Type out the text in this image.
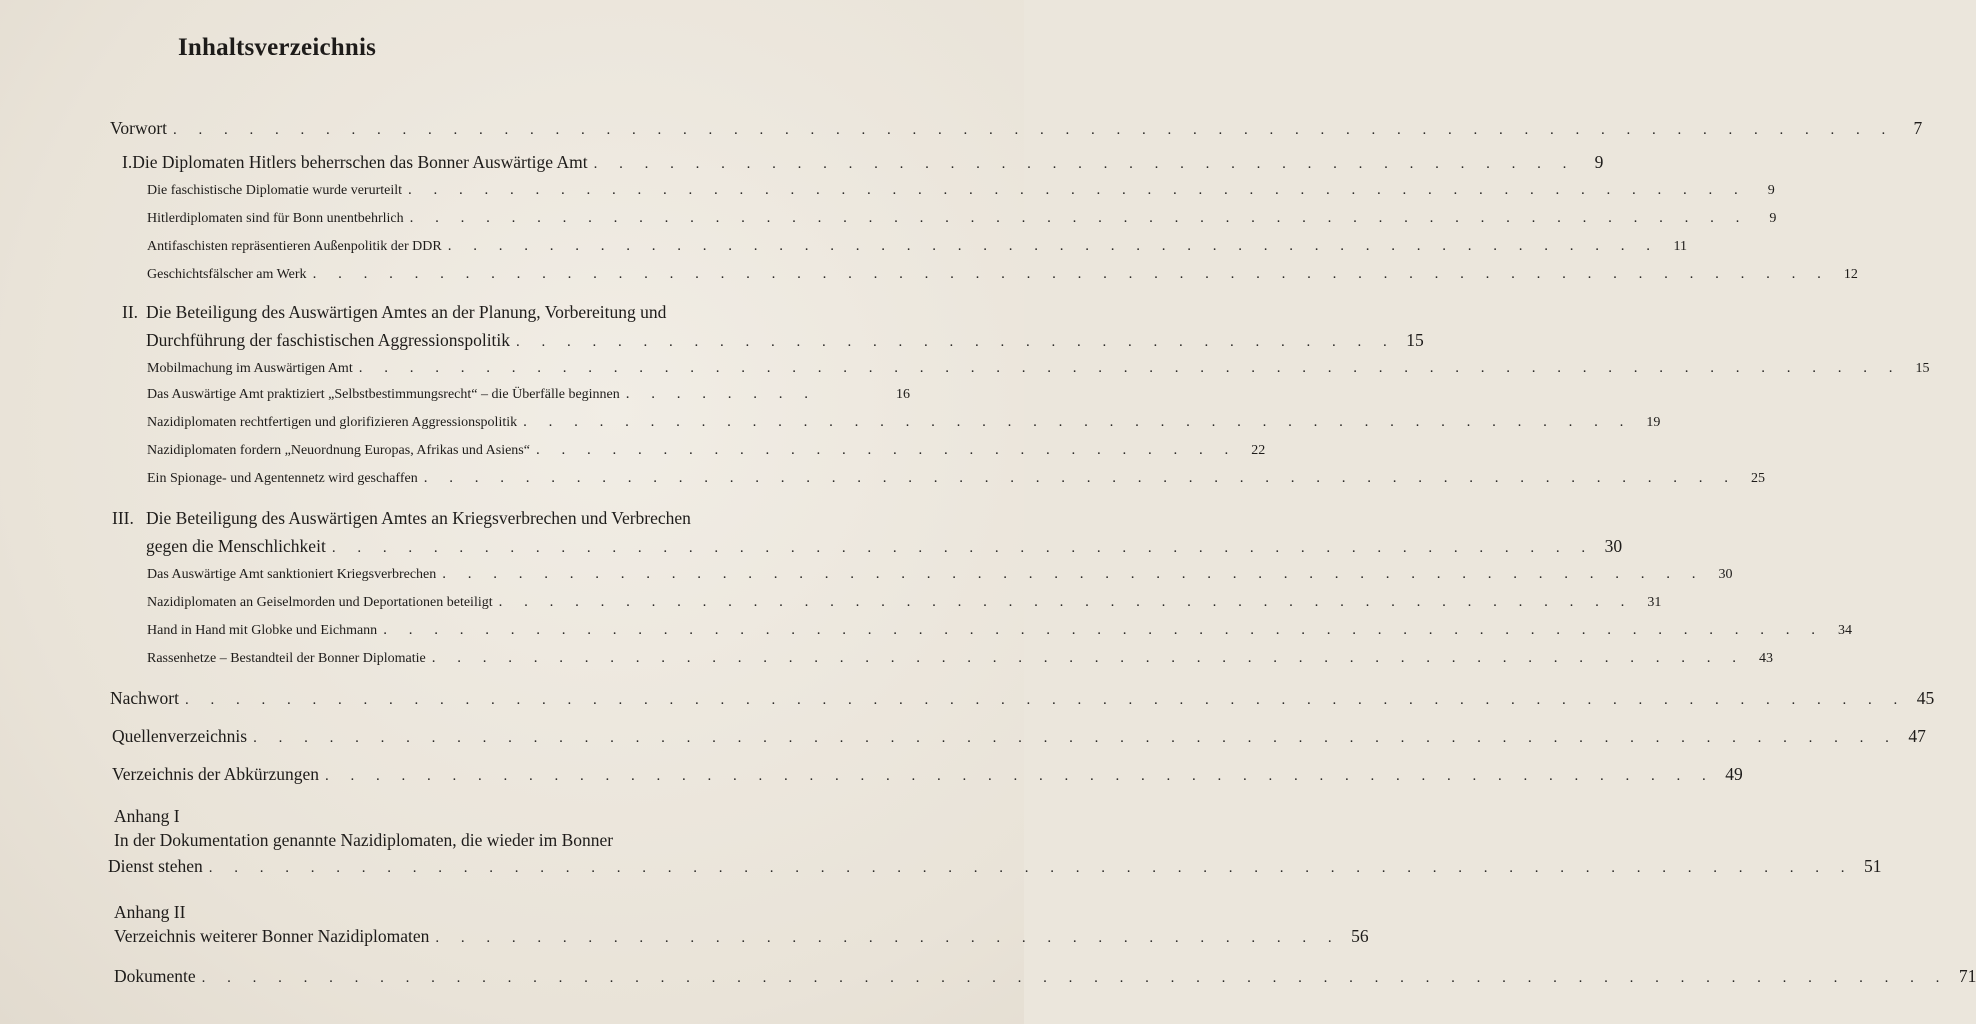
Inhaltsverzeichnis
Vorwort . . . . . . . . . . . . . . . . . . . . . . . . . . . . . . . . . . . . . . . . . . . . . . . . . . . . . . . . . . . . . . . . . . . .	7
I. Die Diplomaten Hitlers beherrschen das Bonner Auswärtige Amt . . . . . . . . . . . . . . . . . . . . . . . . . . . . . . . . . . . . . . .	9
Die faschistische Diplomatie wurde verurteilt . . . . . . . . . . . . . . . . . . . . . . . . . . . . . . . . . . . . . . . . . . . . . . . . . . . . .	9
Hitlerdiplomaten sind für Bonn unentbehrlich . . . . . . . . . . . . . . . . . . . . . . . . . . . . . . . . . . . . . . . . . . . . . . . . . . . . .	9
Antifaschisten repräsentieren Außenpolitik der DDR . . . . . . . . . . . . . . . . . . . . . . . . . . . . . . . . . . . . . . . . . . . . . . . .	11
Geschichtsfälscher am Werk . . . . . . . . . . . . . . . . . . . . . . . . . . . . . . . . . . . . . . . . . . . . . . . . . . . . . . . . . . . .	12
II. Die Beteiligung des Auswärtigen Amtes an der Planung, Vorbereitung und
Durchführung der faschistischen Aggressionspolitik . . . . . . . . . . . . . . . . . . . . . . . . . . . . . . . . . . . 15
Mobilmachung im Auswärtigen Amt . . . . . . . . . . . . . . . . . . . . . . . . . . . . . . . . . . . . . . . . . . . . . . . . . . . . . . . . . . . . .	15
Das Auswärtige Amt praktiziert „Selbstbestimmungsrecht“ – die Überfälle beginnen . . . . . . . .	16
Nazidiplomaten rechtfertigen und glorifizieren Aggressionspolitik . . . . . . . . . . . . . . . . . . . . . . . . . . . . . . . . . . . . . . . . . . . .	19
Nazidiplomaten fordern „Neuordnung Europas, Afrikas und Asiens“ . . . . . . . . . . . . . . . . . . . . . . . . . . . .	22
Ein Spionage- und Agentennetz wird geschaffen . . . . . . . . . . . . . . . . . . . . . . . . . . . . . . . . . . . . . . . . . . . . . . . . . . . .	25
III. Die Beteiligung des Auswärtigen Amtes an Kriegsverbrechen und Verbrechen
gegen die Menschlichkeit . . . . . . . . . . . . . . . . . . . . . . . . . . . . . . . . . . . . . . . . . . . . . . . . . . 30
Das Auswärtige Amt sanktioniert Kriegsverbrechen . . . . . . . . . . . . . . . . . . . . . . . . . . . . . . . . . . . . . . . . . . . . . . . . . .	30
Nazidiplomaten an Geiselmorden und Deportationen beteiligt . . . . . . . . . . . . . . . . . . . . . . . . . . . . . . . . . . . . . . . . . . . . .	31
Hand in Hand mit Globke und Eichmann . . . . . . . . . . . . . . . . . . . . . . . . . . . . . . . . . . . . . . . . . . . . . . . . . . . . . . . . .	34
Rassenhetze – Bestandteil der Bonner Diplomatie . . . . . . . . . . . . . . . . . . . . . . . . . . . . . . . . . . . . . . . . . . . . . . . . . . . .	43
Nachwort . . . . . . . . . . . . . . . . . . . . . . . . . . . . . . . . . . . . . . . . . . . . . . . . . . . . . . . . . . . . . . . . . . . . 45
Quellenverzeichnis . . . . . . . . . . . . . . . . . . . . . . . . . . . . . . . . . . . . . . . . . . . . . . . . . . . . . . . . . . . . . . . . . 47
Verzeichnis der Abkürzungen . . . . . . . . . . . . . . . . . . . . . . . . . . . . . . . . . . . . . . . . . . . . . . . . . . . . . . . 49
Anhang I
In der Dokumentation genannte Nazidiplomaten, die wieder im Bonner
Dienst stehen . . . . . . . . . . . . . . . . . . . . . . . . . . . . . . . . . . . . . . . . . . . . . . . . . . . . . . . . . . . . . . . . . 51
Anhang II
Verzeichnis weiterer Bonner Nazidiplomaten . . . . . . . . . . . . . . . . . . . . . . . . . . . . . . . . . . . . 56
Dokumente . . . . . . . . . . . . . . . . . . . . . . . . . . . . . . . . . . . . . . . . . . . . . . . . . . . . . . . . . . . . . . . . . . . . . 71
